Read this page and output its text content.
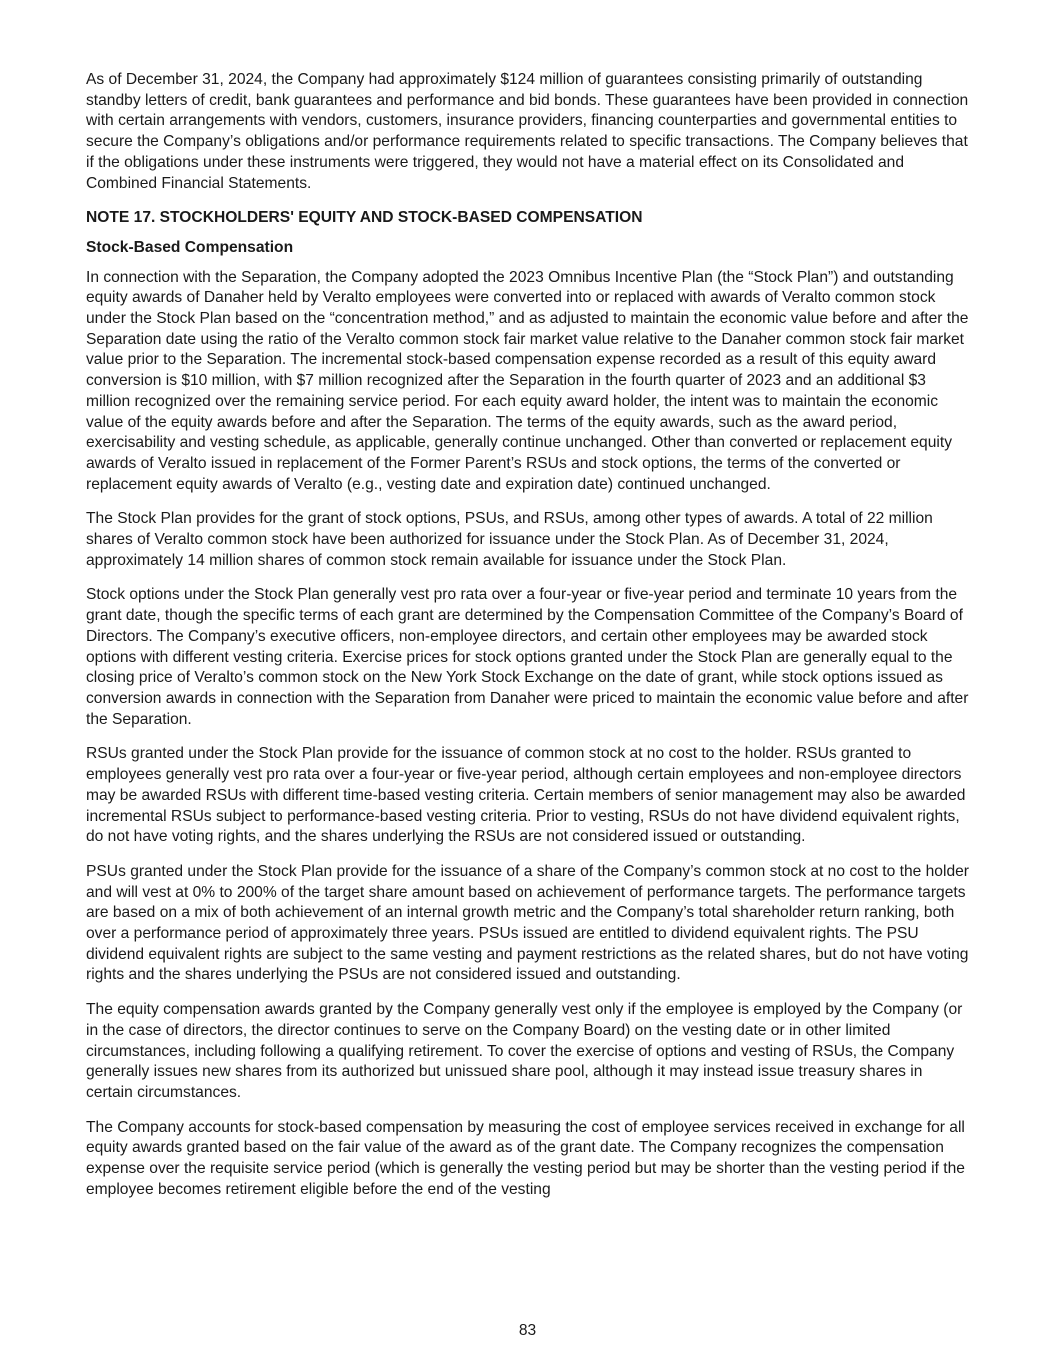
As of December 31, 2024, the Company had approximately $124 million of guarantees consisting primarily of outstanding standby letters of credit, bank guarantees and performance and bid bonds. These guarantees have been provided in connection with certain arrangements with vendors, customers, insurance providers, financing counterparties and governmental entities to secure the Company’s obligations and/or performance requirements related to specific transactions. The Company believes that if the obligations under these instruments were triggered, they would not have a material effect on its Consolidated and Combined Financial Statements.

NOTE 17. STOCKHOLDERS' EQUITY AND STOCK-BASED COMPENSATION

Stock-Based Compensation

In connection with the Separation, the Company adopted the 2023 Omnibus Incentive Plan (the “Stock Plan”) and outstanding equity awards of Danaher held by Veralto employees were converted into or replaced with awards of Veralto common stock under the Stock Plan based on the “concentration method,” and as adjusted to maintain the economic value before and after the Separation date using the ratio of the Veralto common stock fair market value relative to the Danaher common stock fair market value prior to the Separation. The incremental stock-based compensation expense recorded as a result of this equity award conversion is $10 million, with $7 million recognized after the Separation in the fourth quarter of 2023 and an additional $3 million recognized over the remaining service period. For each equity award holder, the intent was to maintain the economic value of the equity awards before and after the Separation. The terms of the equity awards, such as the award period, exercisability and vesting schedule, as applicable, generally continue unchanged. Other than converted or replacement equity awards of Veralto issued in replacement of the Former Parent’s RSUs and stock options, the terms of the converted or replacement equity awards of Veralto (e.g., vesting date and expiration date) continued unchanged.

The Stock Plan provides for the grant of stock options, PSUs, and RSUs, among other types of awards. A total of 22 million shares of Veralto common stock have been authorized for issuance under the Stock Plan. As of December 31, 2024, approximately 14 million shares of common stock remain available for issuance under the Stock Plan.

Stock options under the Stock Plan generally vest pro rata over a four-year or five-year period and terminate 10 years from the grant date, though the specific terms of each grant are determined by the Compensation Committee of the Company’s Board of Directors. The Company’s executive officers, non-employee directors, and certain other employees may be awarded stock options with different vesting criteria. Exercise prices for stock options granted under the Stock Plan are generally equal to the closing price of Veralto’s common stock on the New York Stock Exchange on the date of grant, while stock options issued as conversion awards in connection with the Separation from Danaher were priced to maintain the economic value before and after the Separation.

RSUs granted under the Stock Plan provide for the issuance of common stock at no cost to the holder. RSUs granted to employees generally vest pro rata over a four-year or five-year period, although certain employees and non-employee directors may be awarded RSUs with different time-based vesting criteria. Certain members of senior management may also be awarded incremental RSUs subject to performance-based vesting criteria. Prior to vesting, RSUs do not have dividend equivalent rights, do not have voting rights, and the shares underlying the RSUs are not considered issued or outstanding.

PSUs granted under the Stock Plan provide for the issuance of a share of the Company’s common stock at no cost to the holder and will vest at 0% to 200% of the target share amount based on achievement of performance targets. The performance targets are based on a mix of both achievement of an internal growth metric and the Company’s total shareholder return ranking, both over a performance period of approximately three years. PSUs issued are entitled to dividend equivalent rights. The PSU dividend equivalent rights are subject to the same vesting and payment restrictions as the related shares, but do not have voting rights and the shares underlying the PSUs are not considered issued and outstanding.

The equity compensation awards granted by the Company generally vest only if the employee is employed by the Company (or in the case of directors, the director continues to serve on the Company Board) on the vesting date or in other limited circumstances, including following a qualifying retirement. To cover the exercise of options and vesting of RSUs, the Company generally issues new shares from its authorized but unissued share pool, although it may instead issue treasury shares in certain circumstances.

The Company accounts for stock-based compensation by measuring the cost of employee services received in exchange for all equity awards granted based on the fair value of the award as of the grant date. The Company recognizes the compensation expense over the requisite service period (which is generally the vesting period but may be shorter than the vesting period if the employee becomes retirement eligible before the end of the vesting

83
